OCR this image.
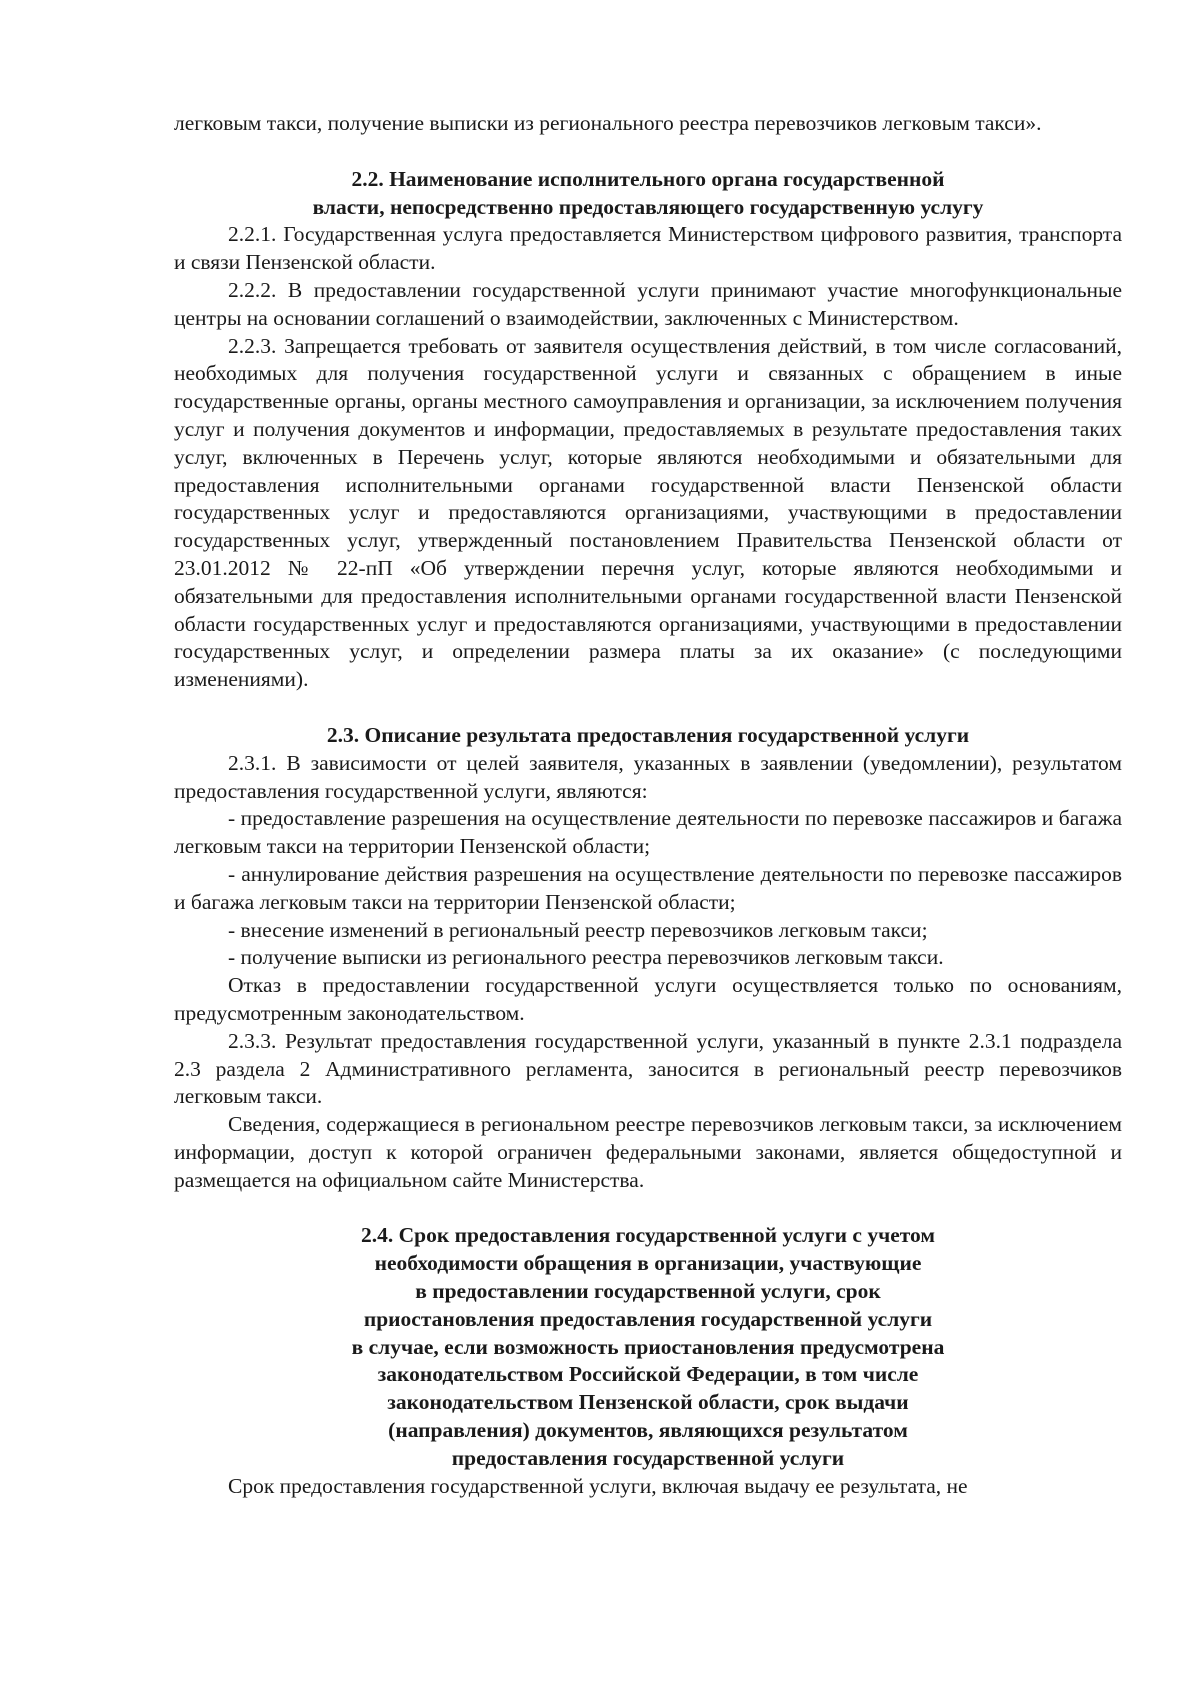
легковым такси, получение выписки из регионального реестра перевозчиков легковым такси».

2.2. Наименование исполнительного органа государственной
власти, непосредственно предоставляющего государственную услугу

2.2.1. Государственная услуга предоставляется Министерством цифрового развития, транспорта и связи Пензенской области.

2.2.2. В предоставлении государственной услуги принимают участие многофункциональные центры на основании соглашений о взаимодействии, заключенных с Министерством.

2.2.3. Запрещается требовать от заявителя осуществления действий, в том числе согласований, необходимых для получения государственной услуги и связанных с обращением в иные государственные органы, органы местного самоуправления и организации, за исключением получения услуг и получения документов и информации, предоставляемых в результате предоставления таких услуг, включенных в Перечень услуг, которые являются необходимыми и обязательными для предоставления исполнительными органами государственной власти Пензенской области государственных услуг и предоставляются организациями, участвующими в предоставлении государственных услуг, утвержденный постановлением Правительства Пензенской области от 23.01.2012 № 22-пП «Об утверждении перечня услуг, которые являются необходимыми и обязательными для предоставления исполнительными органами государственной власти Пензенской области государственных услуг и предоставляются организациями, участвующими в предоставлении государственных услуг, и определении размера платы за их оказание» (с последующими изменениями).

2.3. Описание результата предоставления государственной услуги

2.3.1. В зависимости от целей заявителя, указанных в заявлении (уведомлении), результатом предоставления государственной услуги, являются:

- предоставление разрешения на осуществление деятельности по перевозке пассажиров и багажа легковым такси на территории Пензенской области;

- аннулирование действия разрешения на осуществление деятельности по перевозке пассажиров и багажа легковым такси на территории Пензенской области;

- внесение изменений в региональный реестр перевозчиков легковым такси;

- получение выписки из регионального реестра перевозчиков легковым такси.

Отказ в предоставлении государственной услуги осуществляется только по основаниям, предусмотренным законодательством.

2.3.3. Результат предоставления государственной услуги, указанный в пункте 2.3.1 подраздела 2.3 раздела 2 Административного регламента, заносится в региональный реестр перевозчиков легковым такси.

Сведения, содержащиеся в региональном реестре перевозчиков легковым такси, за исключением информации, доступ к которой ограничен федеральными законами, является общедоступной и размещается на официальном сайте Министерства.

2.4. Срок предоставления государственной услуги с учетом
необходимости обращения в организации, участвующие
в предоставлении государственной услуги, срок
приостановления предоставления государственной услуги
в случае, если возможность приостановления предусмотрена
законодательством Российской Федерации, в том числе
законодательством Пензенской области, срок выдачи
(направления) документов, являющихся результатом
предоставления государственной услуги

Срок предоставления государственной услуги, включая выдачу ее результата, не
